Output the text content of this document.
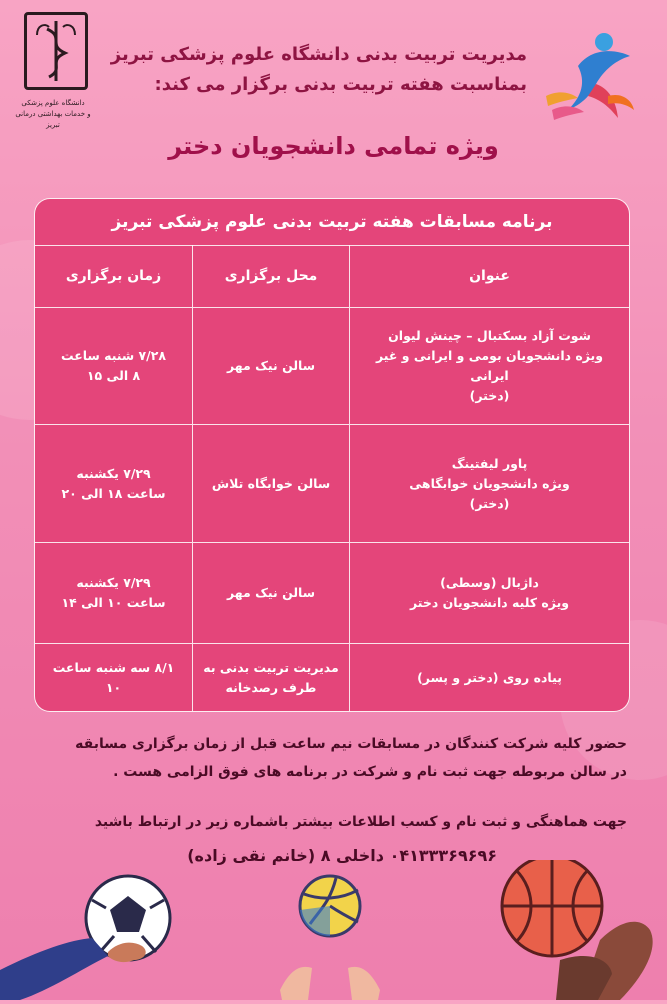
دانشگاه علوم پزشکی
و خدمات بهداشتی درمانی تبریز
مدیریت تربیت بدنی دانشگاه علوم پزشکی تبریز
بمناسبت هفته تربیت بدنی برگزار می کند:
ویژه تمامی دانشجویان دختر
برنامه مسابقات هفته تربیت بدنی علوم پزشکی تبریز
عنوان
محل برگزاری
زمان برگزاری
شوت آزاد بسکتبال – چینش لیوان
ویژه دانشجویان بومی و ایرانی و غیر ایرانی
(دختر)
سالن نیک مهر
۷/۲۸ شنبه ساعت
۸ الی ۱۵
پاور لیفتینگ
ویژه دانشجویان خوابگاهی
(دختر)
سالن خوابگاه تلاش
۷/۲۹ یکشنبه
ساعت ۱۸ الی ۲۰
داژبال (وسطی)
ویژه کلیه دانشجویان دختر
سالن نیک مهر
۷/۲۹ یکشنبه
ساعت ۱۰ الی ۱۴
پیاده روی (دختر و پسر)
مدیریت تربیت بدنی به
طرف رصدخانه
۸/۱ سه شنبه ساعت ۱۰
حضور کلیه شرکت کنندگان در مسابقات نیم ساعت قبل از زمان برگزاری مسابقه
در سالن مربوطه جهت ثبت نام و شرکت در برنامه های فوق الزامی هست .
جهت هماهنگی و ثبت نام و کسب اطلاعات بیشتر باشماره زیر در ارتباط باشید
۰۴۱۳۳۳۶۹۶۹۶ داخلی ۸ (خانم نقی زاده)
